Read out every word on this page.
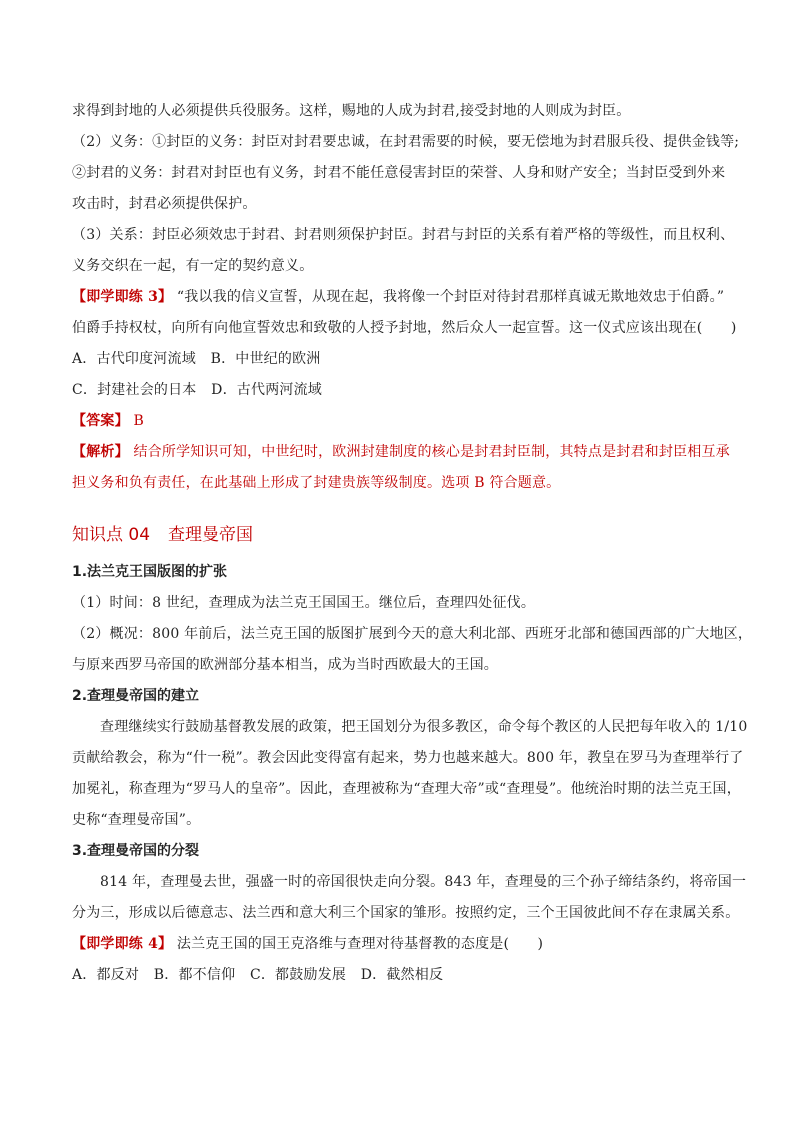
求得到封地的人必须提供兵役服务。这样，赐地的人成为封君,接受封地的人则成为封臣。
（2）义务：①封臣的义务：封臣对封君要忠诚，在封君需要的时候，要无偿地为封君服兵役、提供金钱等;
②封君的义务：封君对封臣也有义务，封君不能任意侵害封臣的荣誉、人身和财产安全；当封臣受到外来
攻击时，封君必须提供保护。
（3）关系：封臣必须效忠于封君、封君则须保护封臣。封君与封臣的关系有着严格的等级性，而且权利、
义务交织在一起，有一定的契约意义。
【即学即练 3】 “我以我的信义宣誓，从现在起，我将像一个封臣对待封君那样真诚无欺地效忠于伯爵。”
伯爵手持权杖，向所有向他宣誓效忠和致敬的人授予封地，然后众人一起宣誓。这一仪式应该出现在(　　)
A．古代印度河流域 B．中世纪的欧洲
C．封建社会的日本 D．古代两河流域
【答案】 B
【解析】 结合所学知识可知，中世纪时，欧洲封建制度的核心是封君封臣制，其特点是封君和封臣相互承
担义务和负有责任，在此基础上形成了封建贵族等级制度。选项 B 符合题意。
知识点 04 查理曼帝国
1.法兰克王国版图的扩张
（1）时间：8 世纪，查理成为法兰克王国国王。继位后，查理四处征伐。
（2）概况：800 年前后，法兰克王国的版图扩展到今天的意大利北部、西班牙北部和德国西部的广大地区，
与原来西罗马帝国的欧洲部分基本相当，成为当时西欧最大的王国。
2.查理曼帝国的建立
查理继续实行鼓励基督教发展的政策，把王国划分为很多教区，命令每个教区的人民把每年收入的 1/10
贡献给教会，称为“什一税”。教会因此变得富有起来，势力也越来越大。800 年，教皇在罗马为查理举行了
加冕礼，称查理为“罗马人的皇帝”。因此，查理被称为“查理大帝”或“查理曼”。他统治时期的法兰克王国，
史称“查理曼帝国”。
3.查理曼帝国的分裂
814 年，查理曼去世，强盛一时的帝国很快走向分裂。843 年，查理曼的三个孙子缔结条约，将帝国一
分为三，形成以后德意志、法兰西和意大利三个国家的雏形。按照约定，三个王国彼此间不存在隶属关系。
【即学即练 4】 法兰克王国的国王克洛维与查理对待基督教的态度是(　　)
A．都反对 B．都不信仰 C．都鼓励发展 D．截然相反
